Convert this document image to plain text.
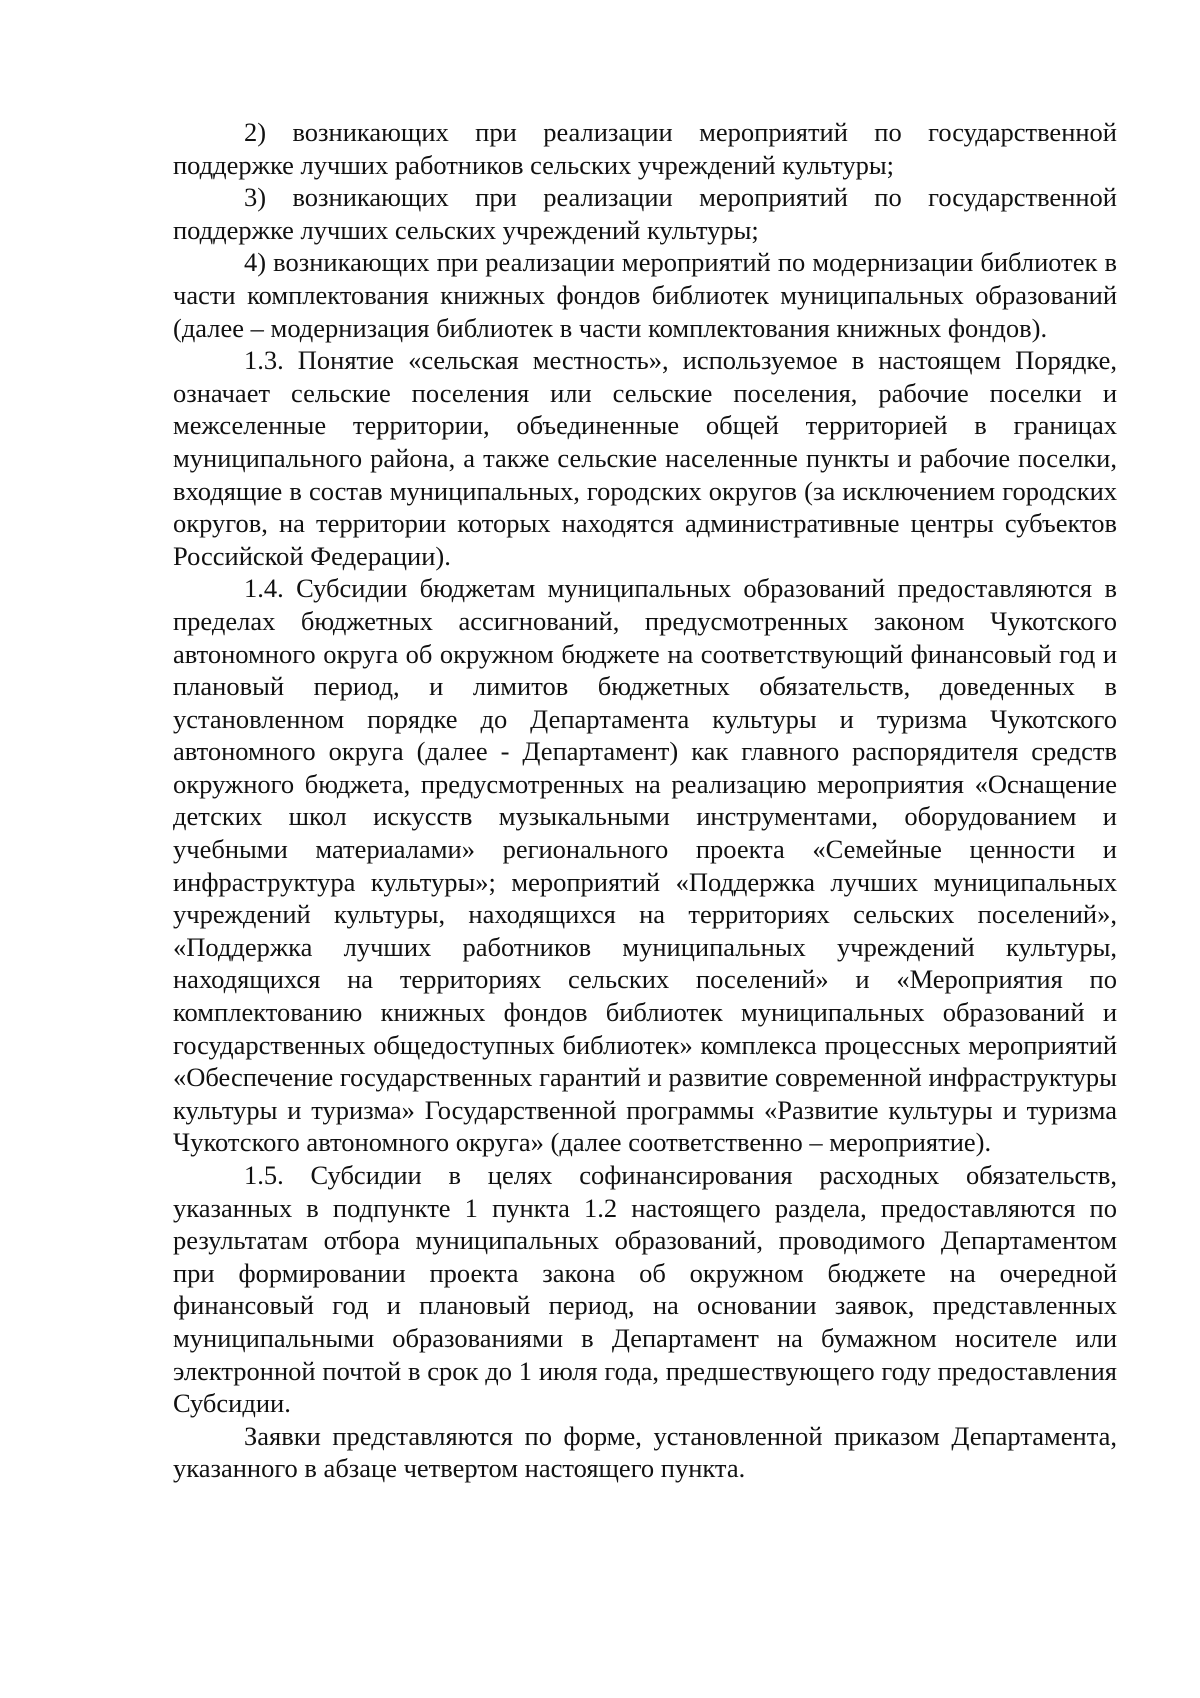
2) возникающих при реализации мероприятий по государственной поддержке лучших работников сельских учреждений культуры;

3) возникающих при реализации мероприятий по государственной поддержке лучших сельских учреждений культуры;

4) возникающих при реализации мероприятий по модернизации библиотек в части комплектования книжных фондов библиотек муниципальных образований (далее – модернизация библиотек в части комплектования книжных фондов).

1.3. Понятие «сельская местность», используемое в настоящем Порядке, означает сельские поселения или сельские поселения, рабочие поселки и межселенные территории, объединенные общей территорией в границах муниципального района, а также сельские населенные пункты и рабочие поселки, входящие в состав муниципальных, городских округов (за исключением городских округов, на территории которых находятся административные центры субъектов Российской Федерации).

1.4. Субсидии бюджетам муниципальных образований предоставляются в пределах бюджетных ассигнований, предусмотренных законом Чукотского автономного округа об окружном бюджете на соответствующий финансовый год и плановый период, и лимитов бюджетных обязательств, доведенных в установленном порядке до Департамента культуры и туризма Чукотского автономного округа (далее - Департамент) как главного распорядителя средств окружного бюджета, предусмотренных на реализацию мероприятия «Оснащение детских школ искусств музыкальными инструментами, оборудованием и учебными материалами» регионального проекта «Семейные ценности и инфраструктура культуры»; мероприятий «Поддержка лучших муниципальных учреждений культуры, находящихся на территориях сельских поселений», «Поддержка лучших работников муниципальных учреждений культуры, находящихся на территориях сельских поселений» и «Мероприятия по комплектованию книжных фондов библиотек муниципальных образований и государственных общедоступных библиотек» комплекса процессных мероприятий «Обеспечение государственных гарантий и развитие современной инфраструктуры культуры и туризма» Государственной программы «Развитие культуры и туризма Чукотского автономного округа» (далее соответственно – мероприятие).

1.5. Субсидии в целях софинансирования расходных обязательств, указанных в подпункте 1 пункта 1.2 настоящего раздела, предоставляются по результатам отбора муниципальных образований, проводимого Департаментом при формировании проекта закона об окружном бюджете на очередной финансовый год и плановый период, на основании заявок, представленных муниципальными образованиями в Департамент на бумажном носителе или электронной почтой в срок до 1 июля года, предшествующего году предоставления Субсидии.

Заявки представляются по форме, установленной приказом Департамента, указанного в абзаце четвертом настоящего пункта.
